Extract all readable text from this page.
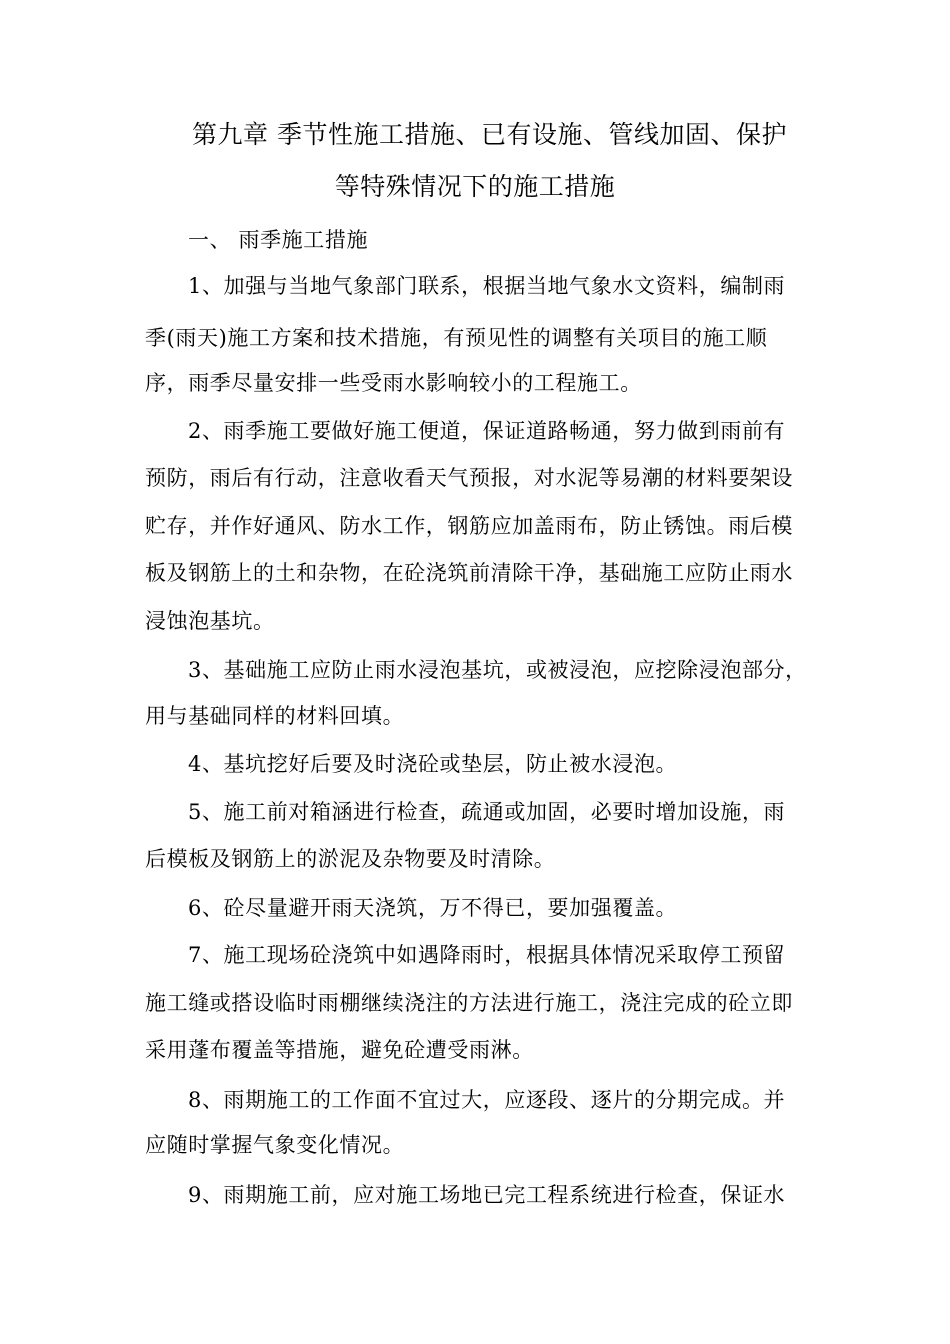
第九章 季节性施工措施、已有设施、管线加固、保护
等特殊情况下的施工措施
一、 雨季施工措施
1、加强与当地气象部门联系，根据当地气象水文资料，编制雨
季(雨天)施工方案和技术措施，有预见性的调整有关项目的施工顺
序，雨季尽量安排一些受雨水影响较小的工程施工。
2、雨季施工要做好施工便道，保证道路畅通，努力做到雨前有
预防，雨后有行动，注意收看天气预报，对水泥等易潮的材料要架设
贮存，并作好通风、防水工作，钢筋应加盖雨布，防止锈蚀。雨后模
板及钢筋上的土和杂物，在砼浇筑前清除干净，基础施工应防止雨水
浸蚀泡基坑。
3、基础施工应防止雨水浸泡基坑，或被浸泡，应挖除浸泡部分，
用与基础同样的材料回填。
4、基坑挖好后要及时浇砼或垫层，防止被水浸泡。
5、施工前对箱涵进行检查，疏通或加固，必要时增加设施，雨
后模板及钢筋上的淤泥及杂物要及时清除。
6、砼尽量避开雨天浇筑，万不得已，要加强覆盖。
7、施工现场砼浇筑中如遇降雨时，根据具体情况采取停工预留
施工缝或搭设临时雨棚继续浇注的方法进行施工，浇注完成的砼立即
采用蓬布覆盖等措施，避免砼遭受雨淋。
8、雨期施工的工作面不宜过大，应逐段、逐片的分期完成。并
应随时掌握气象变化情况。
9、雨期施工前，应对施工场地已完工程系统进行检查，保证水
